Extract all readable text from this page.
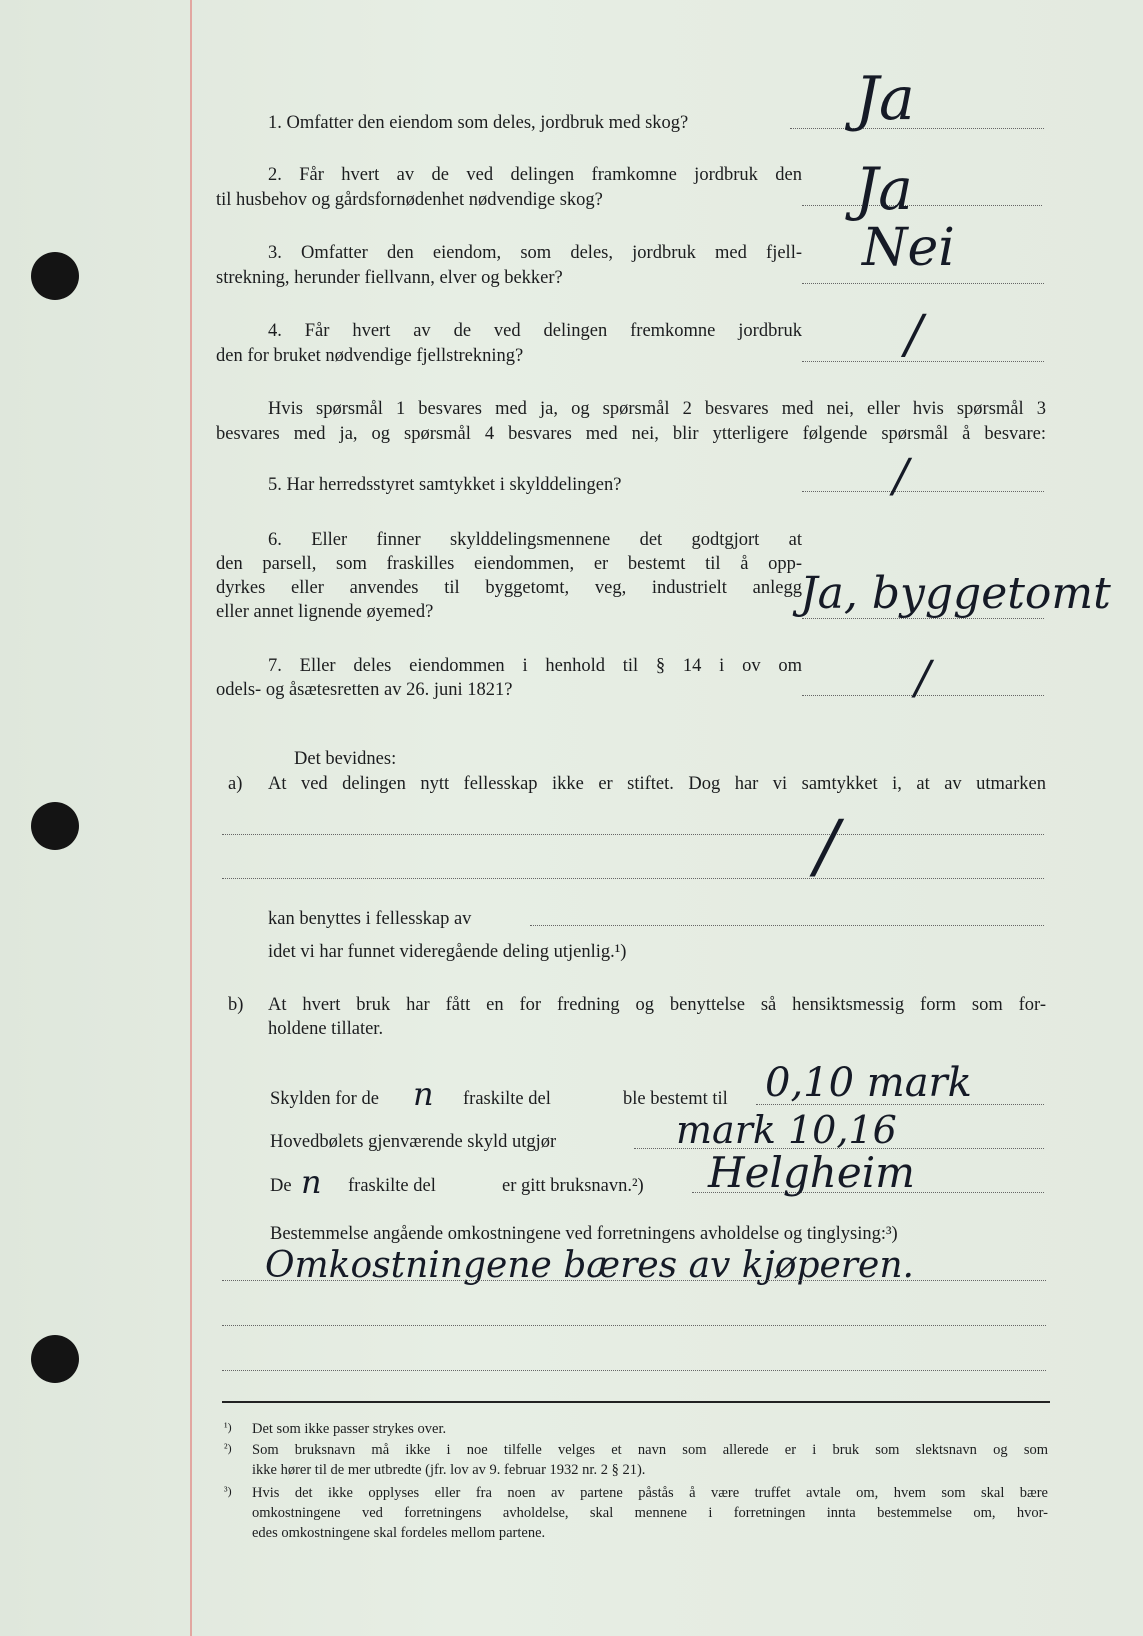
1. Omfatter den eiendom som deles, jordbruk med skog?	Ja
2. Får hvert av de ved delingen framkomne jordbruk den
til husbehov og gårdsfornødenhet nødvendige skog?	Ja
3. Omfatter den eiendom, som deles, jordbruk med fjell-
strekning, herunder fiellvann, elver og bekker?	Nei
4. Får hvert av de ved delingen fremkomne jordbruk
den for bruket nødvendige fjellstrekning?	/
Hvis spørsmål 1 besvares med ja, og spørsmål 2 besvares med nei, eller hvis spørsmål 3
besvares med ja, og spørsmål 4 besvares med nei, blir ytterligere følgende spørsmål å besvare:
5. Har herredsstyret samtykket i skylddelingen?	/
6. Eller finner skylddelingsmennene det godtgjort at
den parsell, som fraskilles eiendommen, er bestemt til å opp-
dyrkes eller anvendes til byggetomt, veg, industrielt anlegg
eller annet lignende øyemed?	Ja, byggetomt
7. Eller deles eiendommen i henhold til § 14 i ov om
odels- og åsætesretten av 26. juni 1821?	/
Det bevidnes:
a) At ved delingen nytt fellesskap ikke er stiftet. Dog har vi samtykket i, at av utmarken
/
kan benyttes i fellesskap av
idet vi har funnet videregående deling utjenlig.¹)
b) At hvert bruk har fått en for fredning og benyttelse så hensiktsmessig form som for-
holdene tillater.
Skylden for de n fraskilte del	ble bestemt til 0,10 mark
Hovedbølets gjenværende skyld utgjør	mark 10,16
De n fraskilte del	er gitt bruksnavn.²) Helgheim
Bestemmelse angående omkostningene ved forretningens avholdelse og tinglysing:³)
Omkostningene bæres av kjøperen.
¹) Det som ikke passer strykes over.
²) Som bruksnavn må ikke i noe tilfelle velges et navn som allerede er i bruk som slektsnavn og som
ikke hører til de mer utbredte (jfr. lov av 9. februar 1932 nr. 2 § 21).
³) Hvis det ikke opplyses eller fra noen av partene påstås å være truffet avtale om, hvem som skal bære
omkostningene ved forretningens avholdelse, skal mennene i forretningen innta bestemmelse om, hvor-
edes omkostningene skal fordeles mellom partene.
